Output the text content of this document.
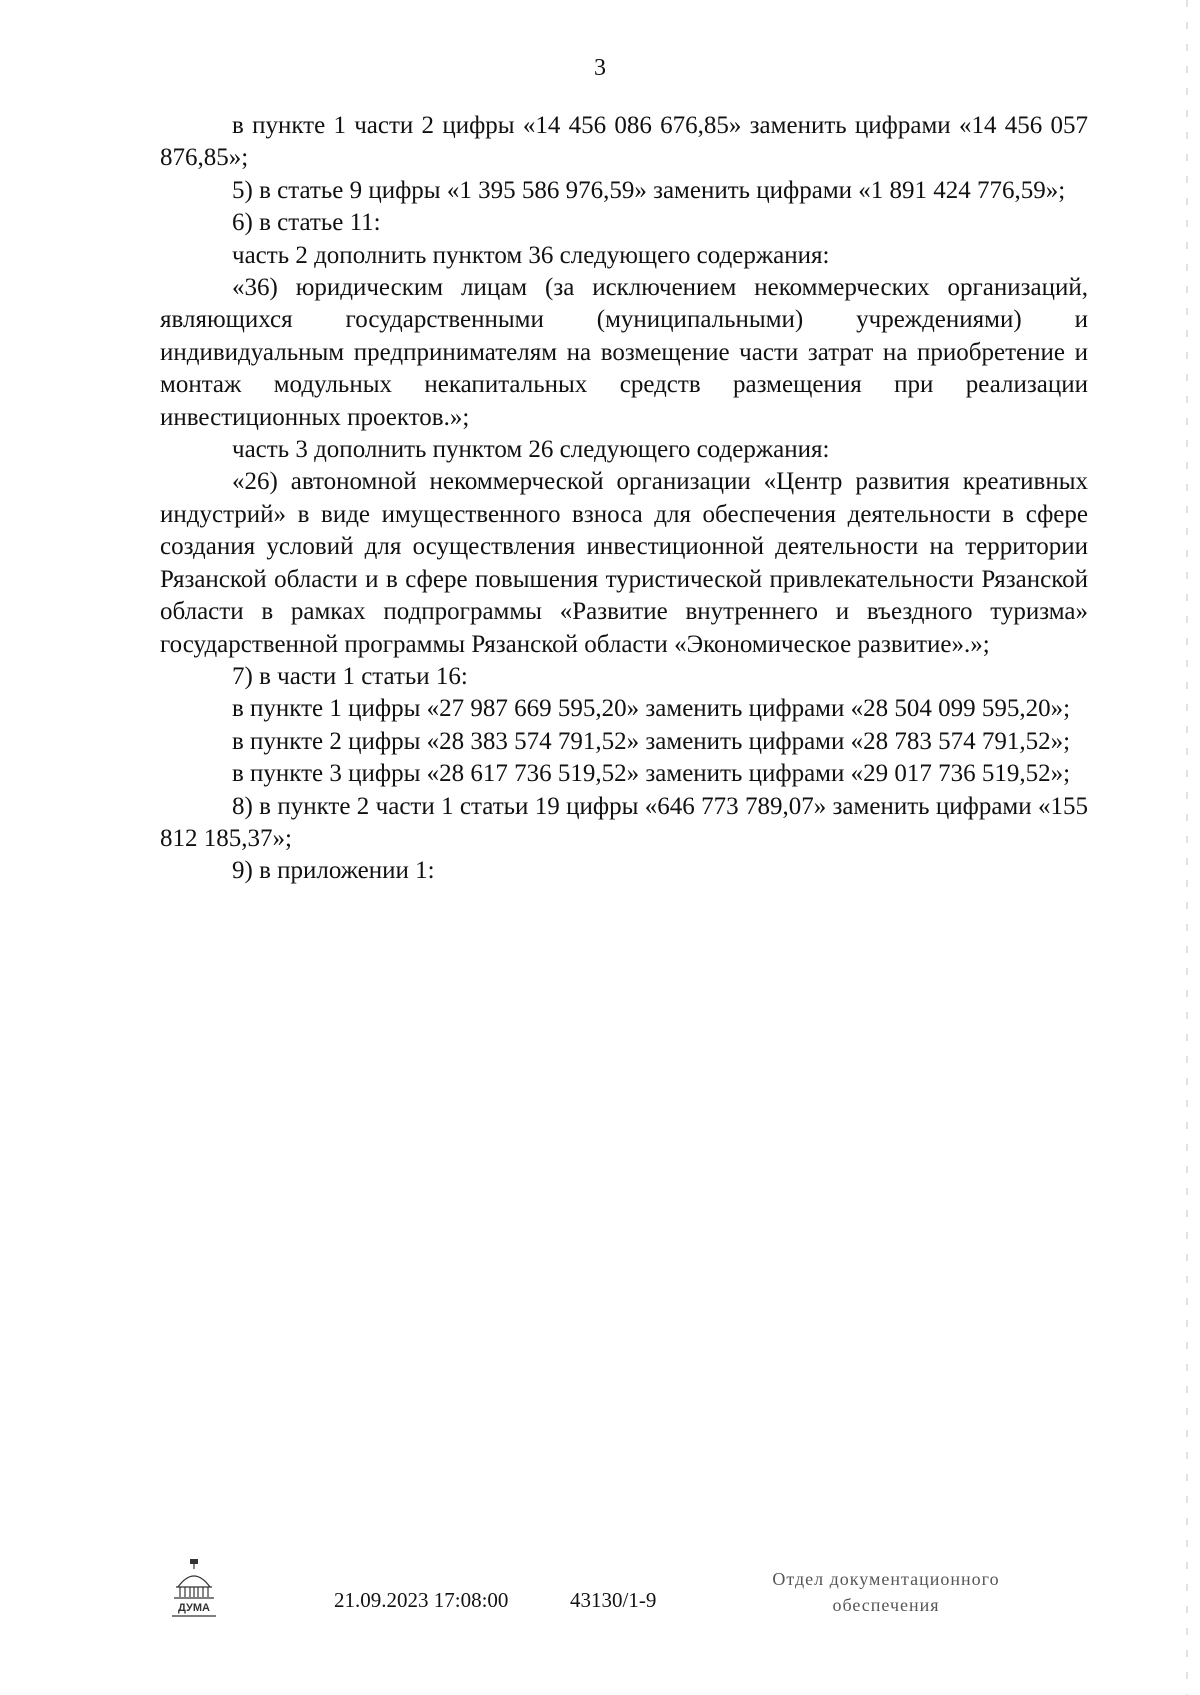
3

в пункте 1 части 2 цифры «14 456 086 676,85» заменить цифрами «14 456 057 876,85»;

5) в статье 9 цифры «1 395 586 976,59» заменить цифрами «1 891 424 776,59»;

6) в статье 11:

часть 2 дополнить пунктом 36 следующего содержания:

«36) юридическим лицам (за исключением некоммерческих организаций, являющихся государственными (муниципальными) учреждениями) и индивидуальным предпринимателям на возмещение части затрат на приобретение и монтаж модульных некапитальных средств размещения при реализации инвестиционных проектов.»;

часть 3 дополнить пунктом 26 следующего содержания:

«26) автономной некоммерческой организации «Центр развития креативных индустрий» в виде имущественного взноса для обеспечения деятельности в сфере создания условий для осуществления инвестиционной деятельности на территории Рязанской области и в сфере повышения туристической привлекательности Рязанской области в рамках подпрограммы «Развитие внутреннего и въездного туризма» государственной программы Рязанской области «Экономическое развитие».»;

7) в части 1 статьи 16:

в пункте 1 цифры «27 987 669 595,20» заменить цифрами «28 504 099 595,20»;

в пункте 2 цифры «28 383 574 791,52» заменить цифрами «28 783 574 791,52»;

в пункте 3 цифры «28 617 736 519,52» заменить цифрами «29 017 736 519,52»;

8) в пункте 2 части 1 статьи 19 цифры «646 773 789,07» заменить цифрами «155 812 185,37»;

9) в приложении 1:

ДУМА	21.09.2023 17:08:00	43130/1-9
Отдел документационного
обеспечения
